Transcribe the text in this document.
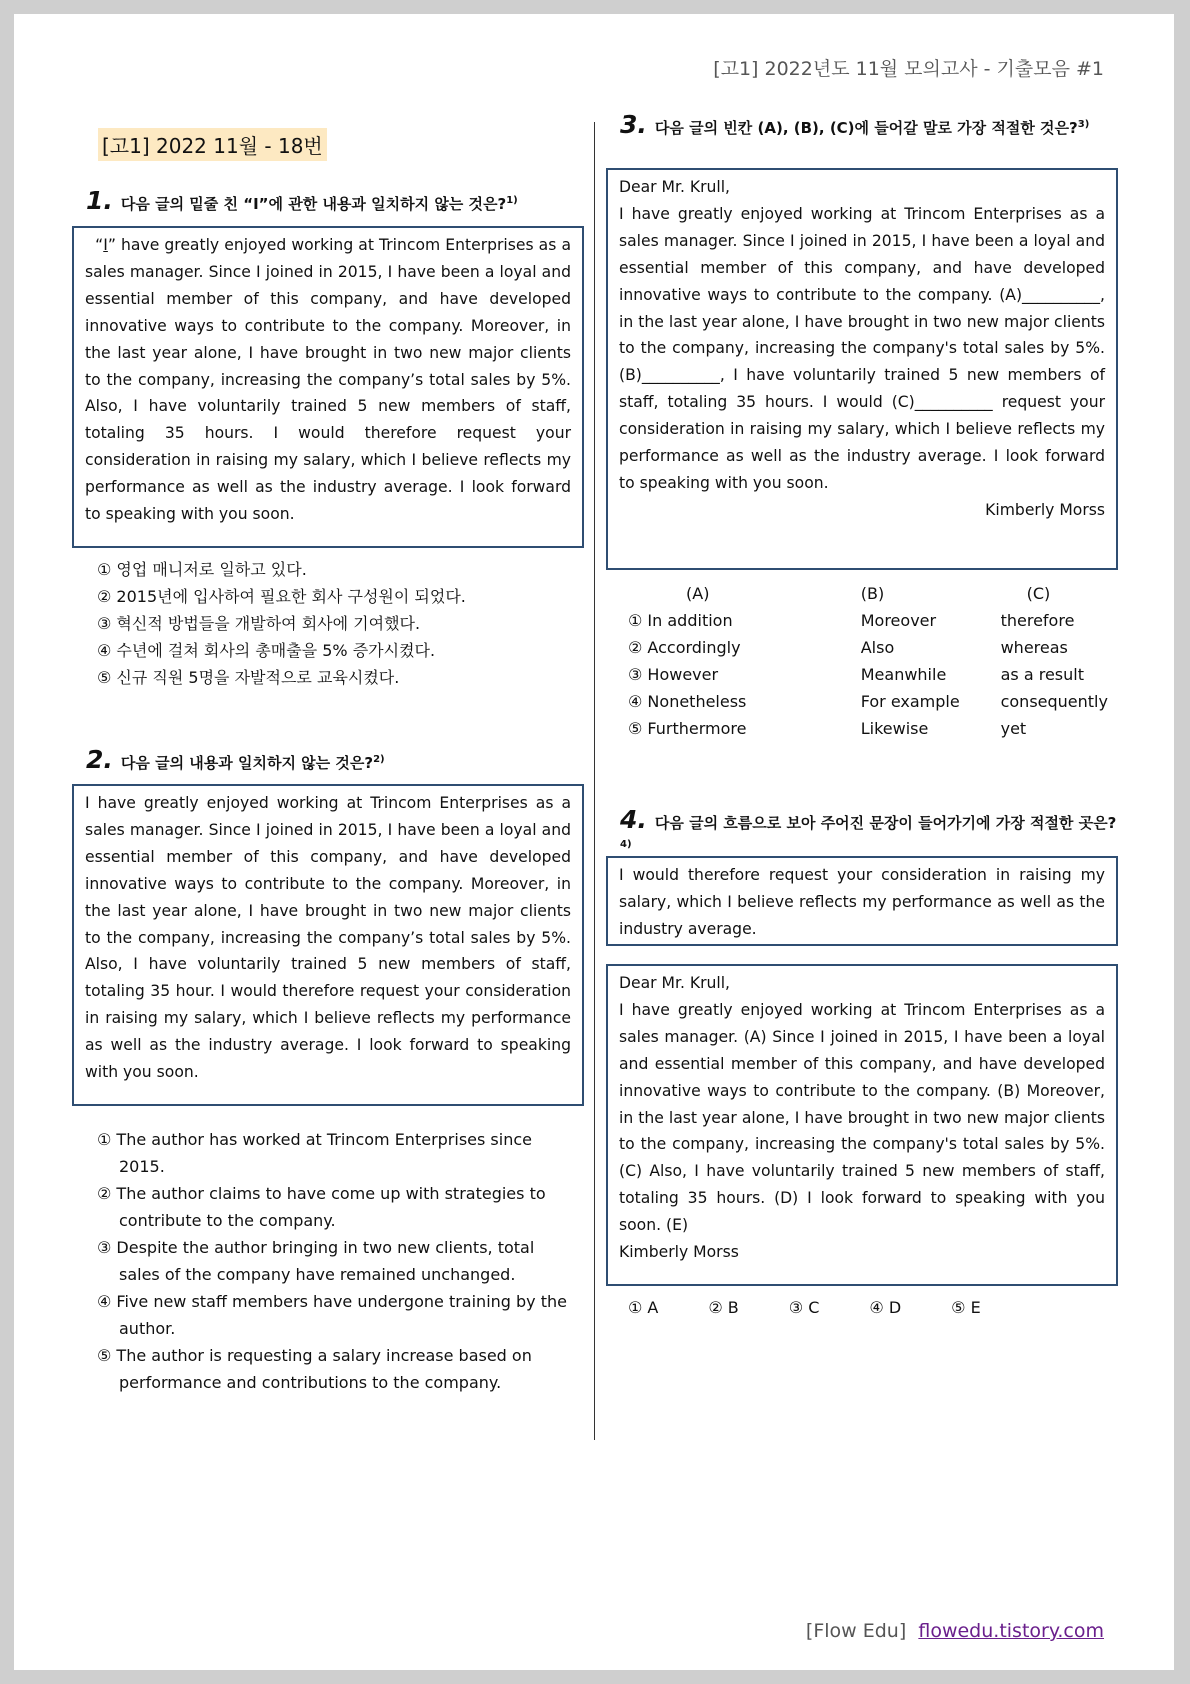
[고1] 2022년도 11월 모의고사 - 기출모음 #1
[고1] 2022 11월 - 18번
1. 다음 글의 밑줄 친 “I”에 관한 내용과 일치하지 않는 것은?$^{1)}$

“I” have greatly enjoyed working at Trincom Enterprises as a sales manager. Since I joined in 2015, I have been a loyal and essential member of this company, and have developed innovative ways to contribute to the company. Moreover, in the last year alone, I have brought in two new major clients to the company, increasing the company’s total sales by 5%. Also, I have voluntarily trained 5 new members of staff, totaling 35 hours. I would therefore request your consideration in raising my salary, which I believe reflects my performance as well as the industry average. I look forward to speaking with you soon.

① 영업 매니저로 일하고 있다.
② 2015년에 입사하여 필요한 회사 구성원이 되었다.
③ 혁신적 방법들을 개발하여 회사에 기여했다.
④ 수년에 걸쳐 회사의 총매출을 5% 증가시켰다.
⑤ 신규 직원 5명을 자발적으로 교육시켰다.
2. 다음 글의 내용과 일치하지 않는 것은?$^{2)}$

I have greatly enjoyed working at Trincom Enterprises as a sales manager. Since I joined in 2015, I have been a loyal and essential member of this company, and have developed innovative ways to contribute to the company. Moreover, in the last year alone, I have brought in two new major clients to the company, increasing the company’s total sales by 5%. Also, I have voluntarily trained 5 new members of staff, totaling 35 hour. I would therefore request your consideration in raising my salary, which I believe reflects my performance as well as the industry average. I look forward to speaking with you soon.

① The author has worked at Trincom Enterprises since 2015.
② The author claims to have come up with strategies to contribute to the company.
③ Despite the author bringing in two new clients, total sales of the company have remained unchanged.
④ Five new staff members have undergone training by the author.
⑤ The author is requesting a salary increase based on performance and contributions to the company.
3. 다음 글의 빈칸 (A), (B), (C)에 들어갈 말로 가장 적절한 것은?$^{3)}$

Dear Mr. Krull,

I have greatly enjoyed working at Trincom Enterprises as a sales manager. Since I joined in 2015, I have been a loyal and essential member of this company, and have developed innovative ways to contribute to the company. (A)__________, in the last year alone, I have brought in two new major clients to the company, increasing the company's total sales by 5%. (B)__________, I have voluntarily trained 5 new members of staff, totaling 35 hours. I would (C)__________ request your consideration in raising my salary, which I believe reflects my performance as well as the industry average. I look forward to speaking with you soon.

Kimberly Morss

(A)	(B)	(C)
① In addition	Moreover	therefore
② Accordingly	Also	whereas
③ However	Meanwhile	as a result
④ Nonetheless	For example	consequently
⑤ Furthermore	Likewise	yet
4. 다음 글의 흐름으로 보아 주어진 문장이 들어가기에 가장 적절한 곳은?$^{4)}$

I would therefore request your consideration in raising my salary, which I believe reflects my performance as well as the industry average.

Dear Mr. Krull,

I have greatly enjoyed working at Trincom Enterprises as a sales manager. (A) Since I joined in 2015, I have been a loyal and essential member of this company, and have developed innovative ways to contribute to the company. (B) Moreover, in the last year alone, I have brought in two new major clients to the company, increasing the company's total sales by 5%. (C) Also, I have voluntarily trained 5 new members of staff, totaling 35 hours. (D) I look forward to speaking with you soon. (E)

Kimberly Morss

① A	② B	③ C	④ D	⑤ E
[Flow Edu] flowedu.tistory.com
